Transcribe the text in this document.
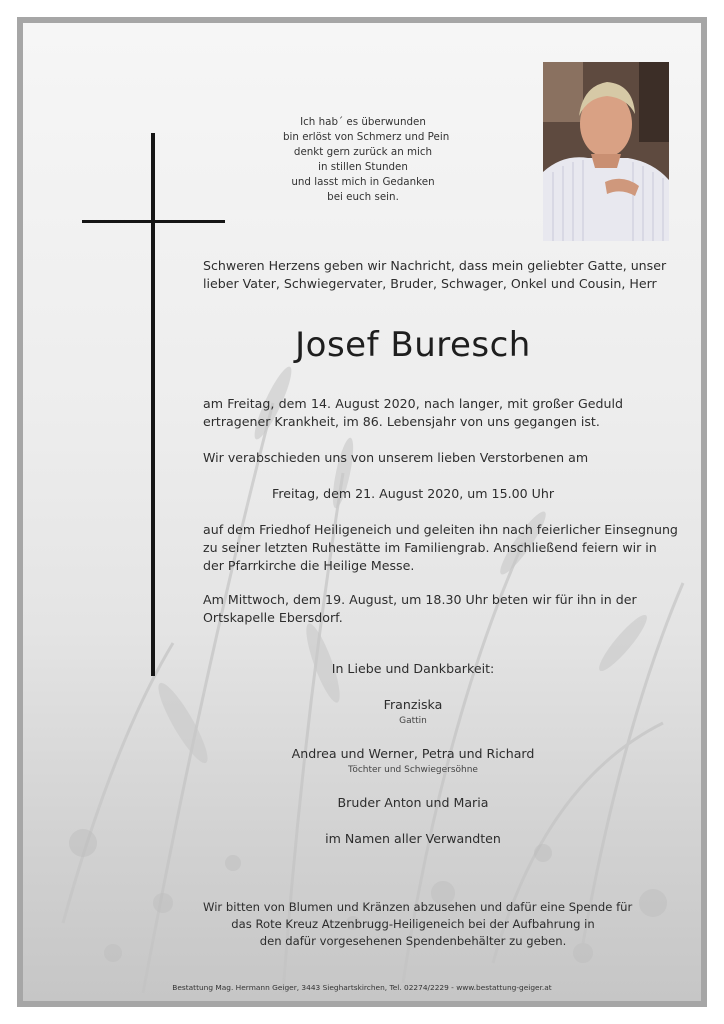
Ich hab´ es überwunden
bin erlöst von Schmerz und Pein
denkt gern zurück an mich
in stillen Stunden
und lasst mich in Gedanken
bei euch sein.
Schweren Herzens geben wir Nachricht, dass mein geliebter Gatte, unser
lieber Vater, Schwiegervater, Bruder, Schwager, Onkel und Cousin, Herr
Josef Buresch
am Freitag, dem 14. August 2020, nach langer, mit großer Geduld
ertragener Krankheit, im 86. Lebensjahr von uns gegangen ist.
Wir verabschieden uns von unserem lieben Verstorbenen am
Freitag, dem 21. August 2020, um 15.00 Uhr
auf dem Friedhof Heiligeneich und geleiten ihn nach feierlicher Einsegnung
zu seiner letzten Ruhestätte im Familiengrab. Anschließend feiern wir in
der Pfarrkirche die Heilige Messe.
Am Mittwoch, dem 19. August, um 18.30 Uhr beten wir für ihn in der
Ortskapelle Ebersdorf.
In Liebe und Dankbarkeit:
Franziska
Gattin
Andrea und Werner, Petra und Richard
Töchter und Schwiegersöhne
Bruder Anton und Maria
im Namen aller Verwandten
Wir bitten von Blumen und Kränzen abzusehen und dafür eine Spende für
das Rote Kreuz Atzenbrugg-Heiligeneich bei der Aufbahrung in
den dafür vorgesehenen Spendenbehälter zu geben.
Bestattung Mag. Hermann Geiger, 3443 Sieghartskirchen, Tel. 02274/2229 - www.bestattung-geiger.at
